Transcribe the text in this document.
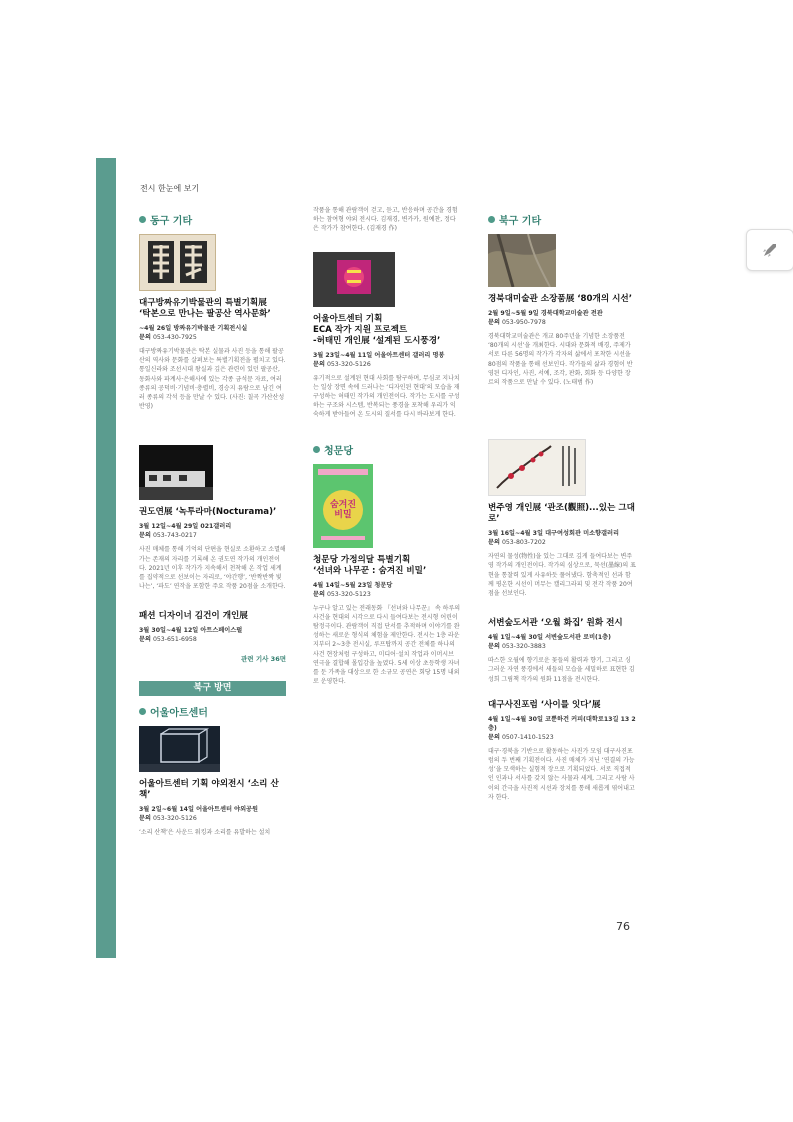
전시 한눈에 보기
동구 기타
대구방짜유기박물관의 특별기획展
‘탁본으로 만나는 팔공산 역사문화’
~4월 26일 방짜유기박물관 기획전시실
문의 053-430-7925
대구방짜유기박물관은 탁본 실물과 사진 등을 통해 팔공산의 역사와 문화를 살펴보는 특별기획전을 펼치고 있다. 통일신라와 조선시대 왕실과 깊은 관련이 있던 팔공산, 동화사와 파계사·은해사에 있는 각종 금석문 자료, 여러 종류의 공덕비·기념비·충렬비, 경승지 유람으로 남긴 여러 종류의 각석 등을 만날 수 있다. (사진: 칠곡 가산산성 반영)
권도연展 ‘녹투라마(Nocturama)’
3월 12일~4월 29일 021갤러리
문의 053-743-0217
사진 매체를 통해 기억의 단편을 현실로 소환하고 소멸해가는 존재의 자리를 기록해 온 권도연 작가의 개인전이다. 2021년 이후 작가가 지속해서 천착해 온 작업 세계를 집약적으로 선보이는 자리로, ‘야간행’, ‘반짝반짝 빛나는’, ‘파도’ 연작을 포함한 주요 작품 20점을 소개한다.
패션 디자이너 김건이 개인展
3월 30일~4월 12일 아트스페이스펄
문의 053-651-6958
관련 기사 36면
북구 방면
어울아트센터
어울아트센터 기획 야외전시 ‘소리 산책’
3월 2일~6월 14일 어울아트센터 야외공원
문의 053-320-5126
‘소리 산책’은 사운드 워킹과 소리를 유발하는 설치
작품을 통해 관람객이 걷고, 듣고, 반응하며 공간을 경험하는 참여형 야외 전시다. 김재경, 변카카, 원예찬, 정다은 작가가 참여한다. (김재경 作)
어울아트센터 기획
ECA 작가 지원 프로젝트
-허태민 개인展 ‘설계된 도시풍경’
3월 23일~4월 11일 어울아트센터 갤러리 명봉
문의 053-320-5126
유기적으로 설계된 현대 사회를 탐구하며, 무심코 지나치는 일상 장면 속에 드러나는 ‘디자인된 현대’의 모습을 재구성하는 허태민 작가의 개인전이다. 작가는 도시를 구성하는 구조와 시스템, 반복되는 풍경을 포착해 우리가 익숙하게 받아들여 온 도시의 질서를 다시 바라보게 한다.
청문당
숨겨진
비밀
청문당 가정의달 특별기획
‘선녀와 나무꾼 : 숨겨진 비밀’
4월 14일~5월 23일 청문당
문의 053-320-5123
누구나 알고 있는 전래동화 『선녀와 나무꾼』 속 하루의 사건을 현대의 시각으로 다시 들여다보는 전시형 어린이 탐정극이다. 관람객이 직접 단서를 추적하며 이야기를 완성하는 새로운 형식의 체험을 제안한다. 전시는 1층 라운지부터 2~3층 전시실, 루프탑까지 공간 전체를 하나의 사건 현장처럼 구성하고, 미디어·설치 작업과 이머시브 연극을 결합해 몰입감을 높였다. 5세 이상 초등학생 자녀를 둔 가족을 대상으로 한 소규모 공연은 회당 15명 내외로 운영한다.
북구 기타
경북대미술관 소장품展 ‘80개의 시선’
2월 9일~5월 9일 경북대학교미술관 전관
문의 053-950-7978
경북대학교미술관은 개교 80주년을 기념한 소장품전 ‘80개의 시선’을 개최한다. 시대와 문화적 배경, 주제가 서로 다른 56명의 작가가 각자의 삶에서 포착한 시선을 80점의 작품을 통해 선보인다. 작가들의 삶과 경험이 반영된 디자인, 사진, 서예, 조각, 판화, 회화 등 다양한 장르의 작품으로 만날 수 있다. (노태범 作)
변주영 개인展 ‘관조(觀照)...있는 그대로’
3월 16일~4월 3일 대구여성회관 미소향갤러리
문의 053-803-7202
자연의 물성(物性)을 있는 그대로 깊게 들여다보는 변주영 작가의 개인전이다. 작가의 심상으로, 묵선(墨線)의 표현을 통찰력 있게 사유하듯 풀어냈다. 함축적인 선과 함께 평온한 시선이 머무는 캘리그라피 및 전각 작품 20여 점을 선보인다.
서변숲도서관 ‘오월 화집’ 원화 전시
4월 1일~4월 30일 서변숲도서관 로비(1층)
문의 053-320-3883
따스한 오월에 향기로운 꽃들의 활력과 향기, 그리고 싱그러운 자연 풍경에서 새들의 모습을 세밀하로 표현한 김성희 그림책 작가의 원화 11점을 전시한다.
대구사진포럼 ‘사이를 잇다’展
4월 1일~4월 30일 코뿐하건 커피(대학로13길 13 2층)
문의 0507-1410-1523
대구·경북을 기반으로 활동하는 사진가 모임 대구사진포럼의 두 번째 기획전이다. 사진 매체가 지닌 ‘연결의 가능성’을 모색하는 실험적 장으로 기획되었다. 서로 직접적인 인과나 서사를 갖지 않는 사물과 세계, 그리고 사람 사이의 간극을 사진적 시선과 장치를 통해 새롭게 엮어내고자 한다.
76
